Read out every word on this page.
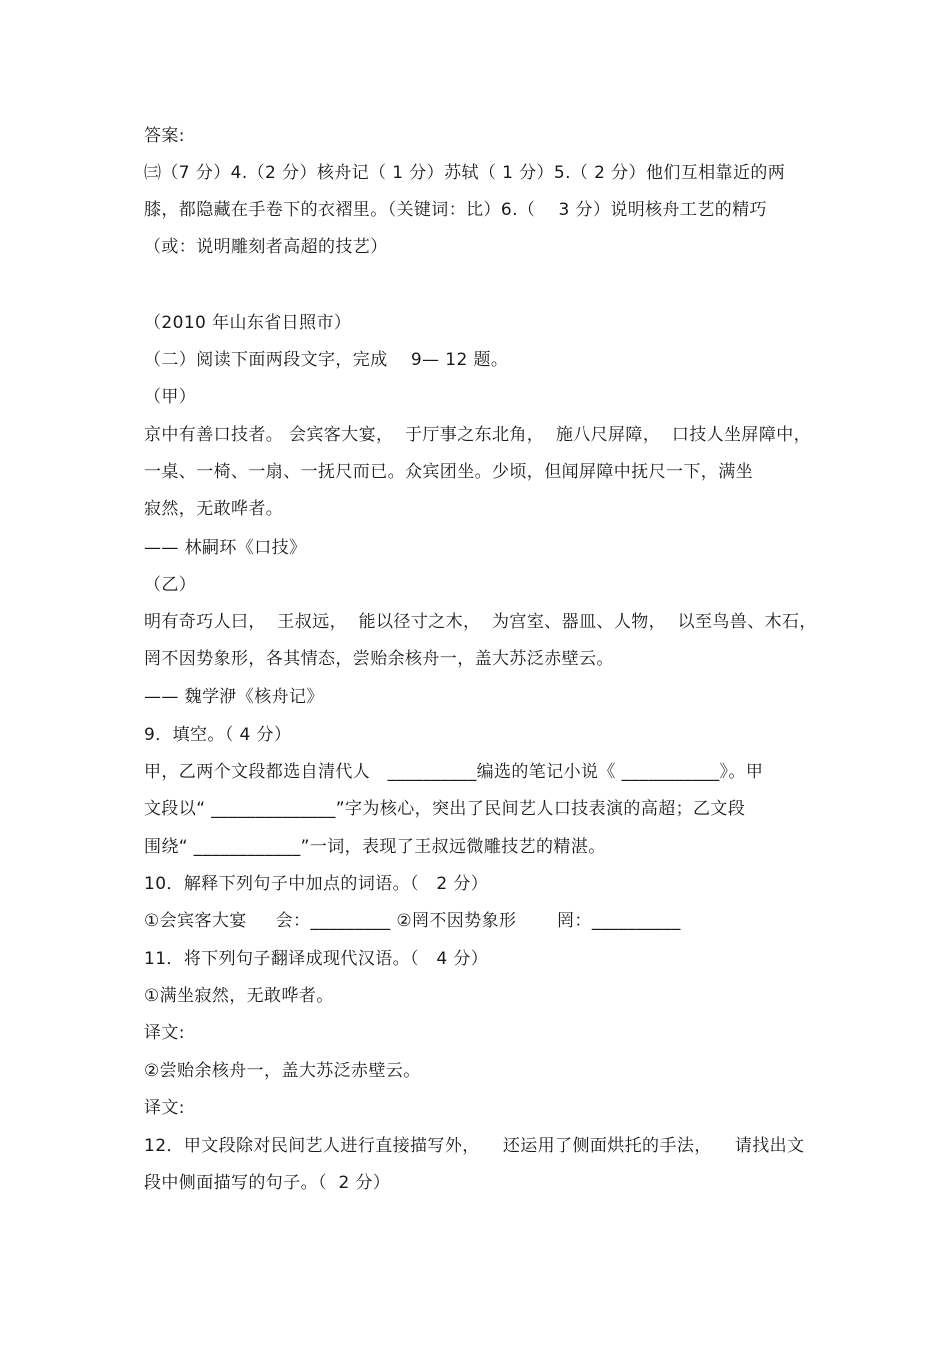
答案:
㈢（7 分）4.（2 分）核舟记（ 1 分）苏轼（ 1 分）5.（ 2 分）他们互相靠近的两
膝，都隐藏在手卷下的衣褶里。（关键词：比）6.（    3 分）说明核舟工艺的精巧
（或：说明雕刻者高超的技艺）
（2010 年山东省日照市）
（二）阅读下面两段文字，完成    9— 12 题。
（甲）
京中有善口技者。 会宾客大宴，  于厅事之东北角，  施八尺屏障，  口技人坐屏障中，
一桌、一椅、一扇、一抚尺而已。众宾团坐。少顷，但闻屏障中抚尺一下，满坐
寂然，无敢哗者。
—— 林嗣环《口技》
（乙）
明有奇巧人曰，  王叔远，  能以径寸之木，  为宫室、器皿、人物，  以至鸟兽、木石，
罔不因势象形，各其情态，尝贻余核舟一，盖大苏泛赤壁云。
—— 魏学洢《核舟记》
9．填空。（ 4 分）
甲，乙两个文段都选自清代人   __________编选的笔记小说《 ___________》。甲
文段以“ ______________”字为核心，突出了民间艺人口技表演的高超；乙文段
围绕“ ____________”一词，表现了王叔远微雕技艺的精湛。
10．解释下列句子中加点的词语。（   2 分）
①会宾客大宴     会：_________ ②罔不因势象形       罔：__________
11．将下列句子翻译成现代汉语。（   4 分）
①满坐寂然，无敢哗者。
译文:
②尝贻余核舟一，盖大苏泛赤壁云。
译文:
12．甲文段除对民间艺人进行直接描写外，    还运用了侧面烘托的手法，    请找出文
段中侧面描写的句子。（  2 分）
